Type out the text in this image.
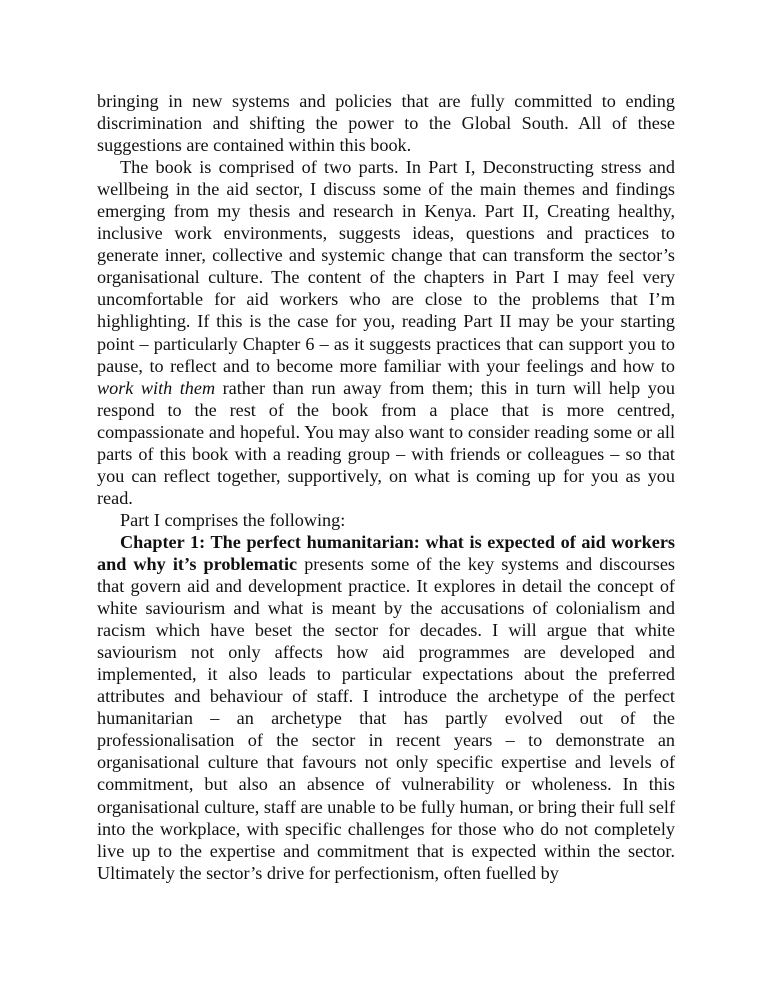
bringing in new systems and policies that are fully committed to ending discrimination and shifting the power to the Global South. All of these suggestions are contained within this book.

The book is comprised of two parts. In Part I, Deconstructing stress and wellbeing in the aid sector, I discuss some of the main themes and findings emerging from my thesis and research in Kenya. Part II, Creating healthy, inclusive work environments, suggests ideas, questions and practices to generate inner, collective and systemic change that can transform the sector’s organisational culture. The content of the chapters in Part I may feel very uncomfortable for aid workers who are close to the problems that I’m highlighting. If this is the case for you, reading Part II may be your starting point – particularly Chapter 6 – as it suggests practices that can support you to pause, to reflect and to become more familiar with your feelings and how to work with them rather than run away from them; this in turn will help you respond to the rest of the book from a place that is more centred, compassionate and hopeful. You may also want to consider reading some or all parts of this book with a reading group – with friends or colleagues – so that you can reflect together, supportively, on what is coming up for you as you read.

Part I comprises the following:

Chapter 1: The perfect humanitarian: what is expected of aid workers and why it’s problematic presents some of the key systems and discourses that govern aid and development practice. It explores in detail the concept of white saviourism and what is meant by the accusations of colonialism and racism which have beset the sector for decades. I will argue that white saviourism not only affects how aid programmes are developed and implemented, it also leads to particular expectations about the preferred attributes and behaviour of staff. I introduce the archetype of the perfect humanitarian – an archetype that has partly evolved out of the professionalisation of the sector in recent years – to demonstrate an organisational culture that favours not only specific expertise and levels of commitment, but also an absence of vulnerability or wholeness. In this organisational culture, staff are unable to be fully human, or bring their full self into the workplace, with specific challenges for those who do not completely live up to the expertise and commitment that is expected within the sector. Ultimately the sector’s drive for perfectionism, often fuelled by
